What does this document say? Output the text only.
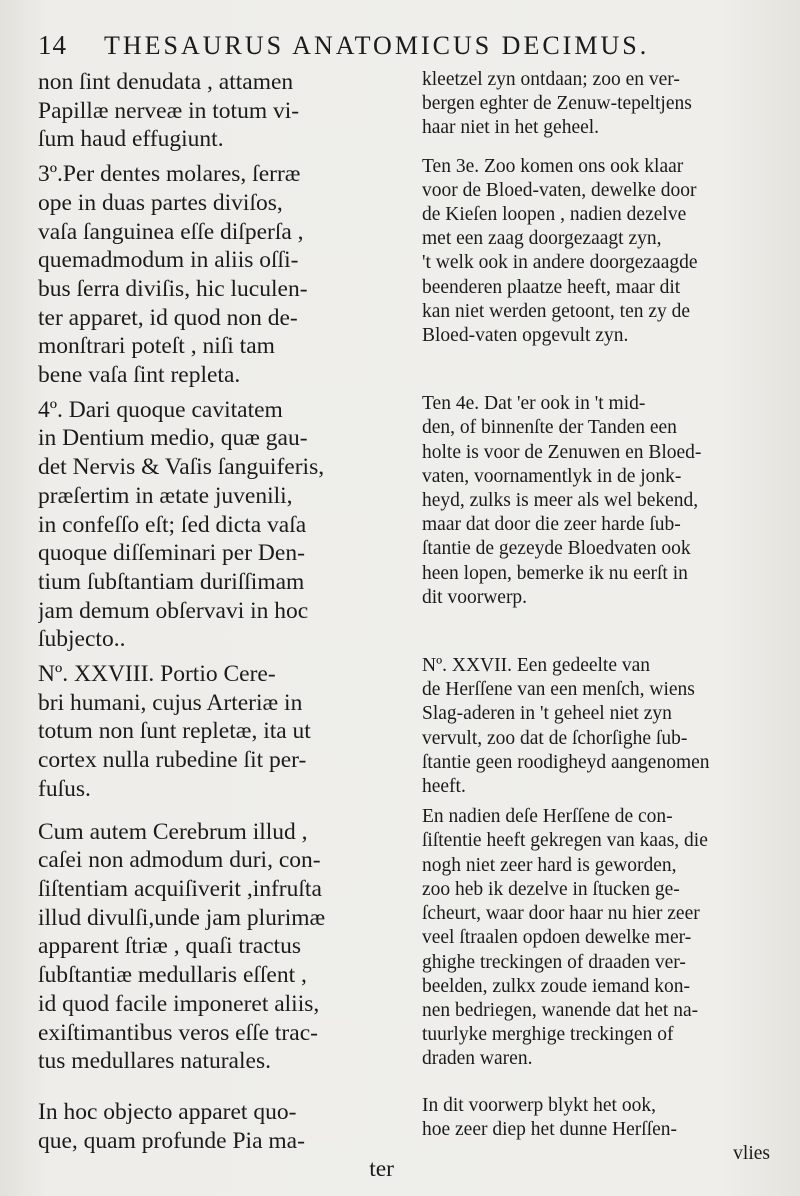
14 THESAURUS ANATOMICUS DECIMUS.
non ſint denudata , attamen
Papillæ nerveæ in totum vi-
ſum haud effugiunt.
3º.Per dentes molares, ſerræ
ope in duas partes diviſos,
vaſa ſanguinea eſſe diſperſa ,
quemadmodum in aliis oſſi-
bus ſerra diviſis, hic luculen-
ter apparet, id quod non de-
monſtrari poteſt , niſi tam
bene vaſa ſint repleta.
4º. Dari quoque cavitatem
in Dentium medio, quæ gau-
det Nervis & Vaſis ſanguiferis,
præſertim in ætate juvenili,
in confeſſo eſt; ſed dicta vaſa
quoque diſſeminari per Den-
tium ſubſtantiam duriſſimam
jam demum obſervavi in hoc
ſubjecto..
Nº. XXVIII. Portio Cere-
bri humani, cujus Arteriæ in
totum non ſunt repletæ, ita ut
cortex nulla rubedine ſit per-
fuſus.
Cum autem Cerebrum illud ,
caſei non admodum duri, con-
ſiſtentiam acquiſiverit ,infruſta
illud divulſi,unde jam plurimæ
apparent ſtriæ , quaſi tractus
ſubſtantiæ medullaris eſſent ,
id quod facile imponeret aliis,
exiſtimantibus veros eſſe trac-
tus medullares naturales.
In hoc objecto apparet quo-
que, quam profunde Pia ma-
ter
kleetzel zyn ontdaan; zoo en ver-
bergen eghter de Zenuw-tepeltjens
haar niet in het geheel.
Ten 3e. Zoo komen ons ook klaar
voor de Bloed-vaten, dewelke door
de Kieſen loopen , nadien dezelve
met een zaag doorgezaagt zyn,
't welk ook in andere doorgezaagde
beenderen plaatze heeft, maar dit
kan niet werden getoont, ten zy de
Bloed-vaten opgevult zyn.
Ten 4e. Dat 'er ook in 't mid-
den, of binnenſte der Tanden een
holte is voor de Zenuwen en Bloed-
vaten, voornamentlyk in de jonk-
heyd, zulks is meer als wel bekend,
maar dat door die zeer harde ſub-
ſtantie de gezeyde Bloedvaten ook
heen lopen, bemerke ik nu eerſt in
dit voorwerp.
Nº. XXVII. Een gedeelte van
de Herſſene van een menſch, wiens
Slag-aderen in 't geheel niet zyn
vervult, zoo dat de ſchorſighe ſub-
ſtantie geen roodigheyd aangenomen
heeft.
En nadien deſe Herſſene de con-
ſiſtentie heeft gekregen van kaas, die
nogh niet zeer hard is geworden,
zoo heb ik dezelve in ſtucken ge-
ſcheurt, waar door haar nu hier zeer
veel ſtraalen opdoen dewelke mer-
ghighe treckingen of draaden ver-
beelden, zulkx zoude iemand kon-
nen bedriegen, wanende dat het na-
tuurlyke merghige treckingen of
draden waren.
In dit voorwerp blykt het ook,
hoe zeer diep het dunne Herſſen-
vlies
